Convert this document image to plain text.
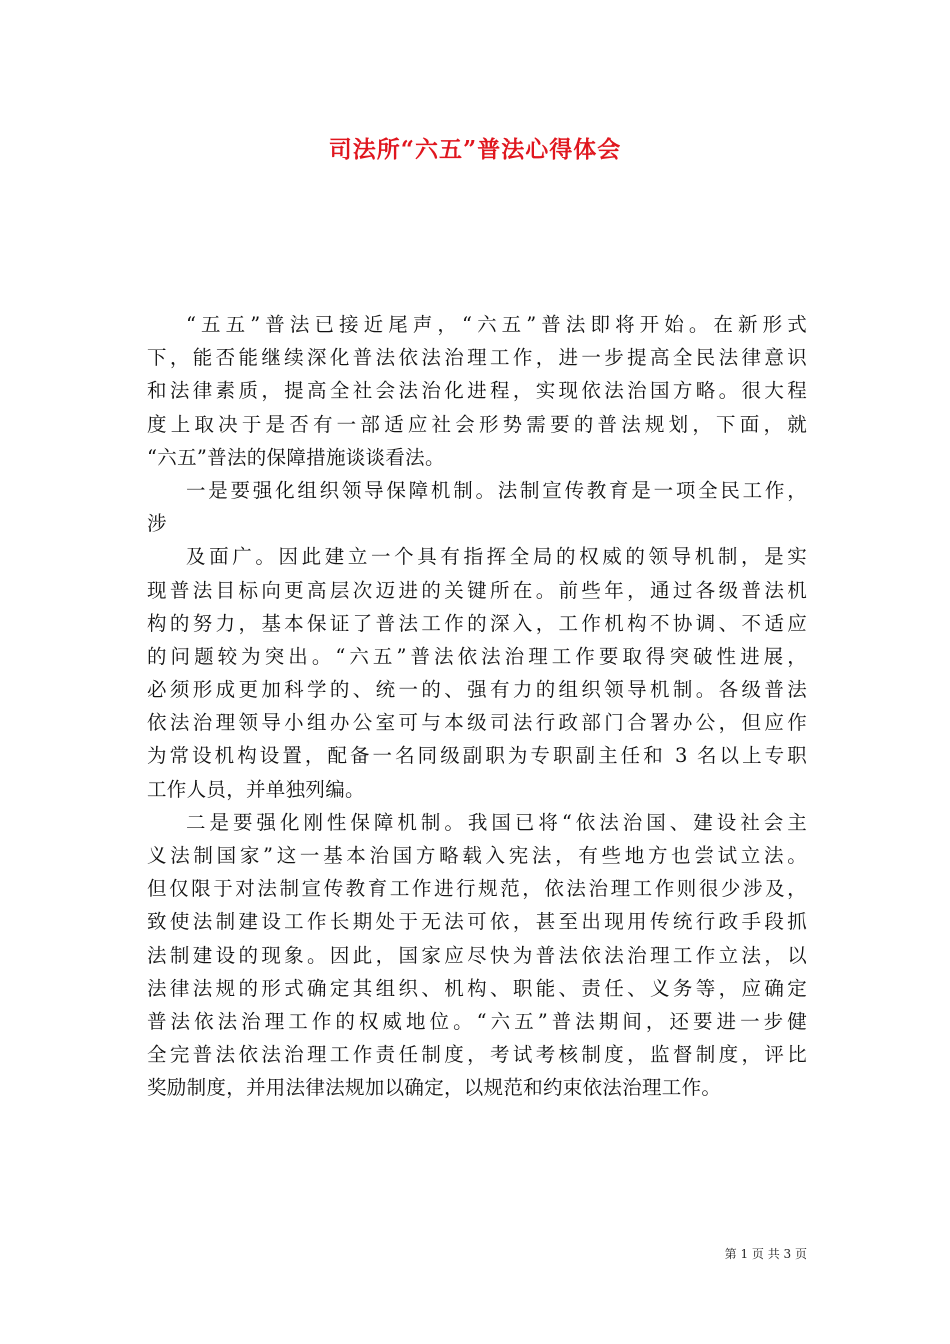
司法所“六五”普法心得体会
“五五”普法已接近尾声，“六五”普法即将开始。在新形式
下，能否能继续深化普法依法治理工作，进一步提高全民法律意识
和法律素质，提高全社会法治化进程，实现依法治国方略。很大程
度上取决于是否有一部适应社会形势需要的普法规划，下面，就
“六五”普法的保障措施谈谈看法。
一是要强化组织领导保障机制。法制宣传教育是一项全民工作，
涉
及面广。因此建立一个具有指挥全局的权威的领导机制，是实
现普法目标向更高层次迈进的关键所在。前些年，通过各级普法机
构的努力，基本保证了普法工作的深入，工作机构不协调、不适应
的问题较为突出。“六五”普法依法治理工作要取得突破性进展，
必须形成更加科学的、统一的、强有力的组织领导机制。各级普法
依法治理领导小组办公室可与本级司法行政部门合署办公，但应作
为常设机构设置，配备一名同级副职为专职副主任和 3 名以上专职
工作人员，并单独列编。
二是要强化刚性保障机制。我国已将“依法治国、建设社会主
义法制国家”这一基本治国方略载入宪法，有些地方也尝试立法。
但仅限于对法制宣传教育工作进行规范，依法治理工作则很少涉及，
致使法制建设工作长期处于无法可依，甚至出现用传统行政手段抓
法制建设的现象。因此，国家应尽快为普法依法治理工作立法，以
法律法规的形式确定其组织、机构、职能、责任、义务等，应确定
普法依法治理工作的权威地位。“六五”普法期间，还要进一步健
全完普法依法治理工作责任制度，考试考核制度，监督制度，评比
奖励制度，并用法律法规加以确定，以规范和约束依法治理工作。
第 1 页 共 3 页
